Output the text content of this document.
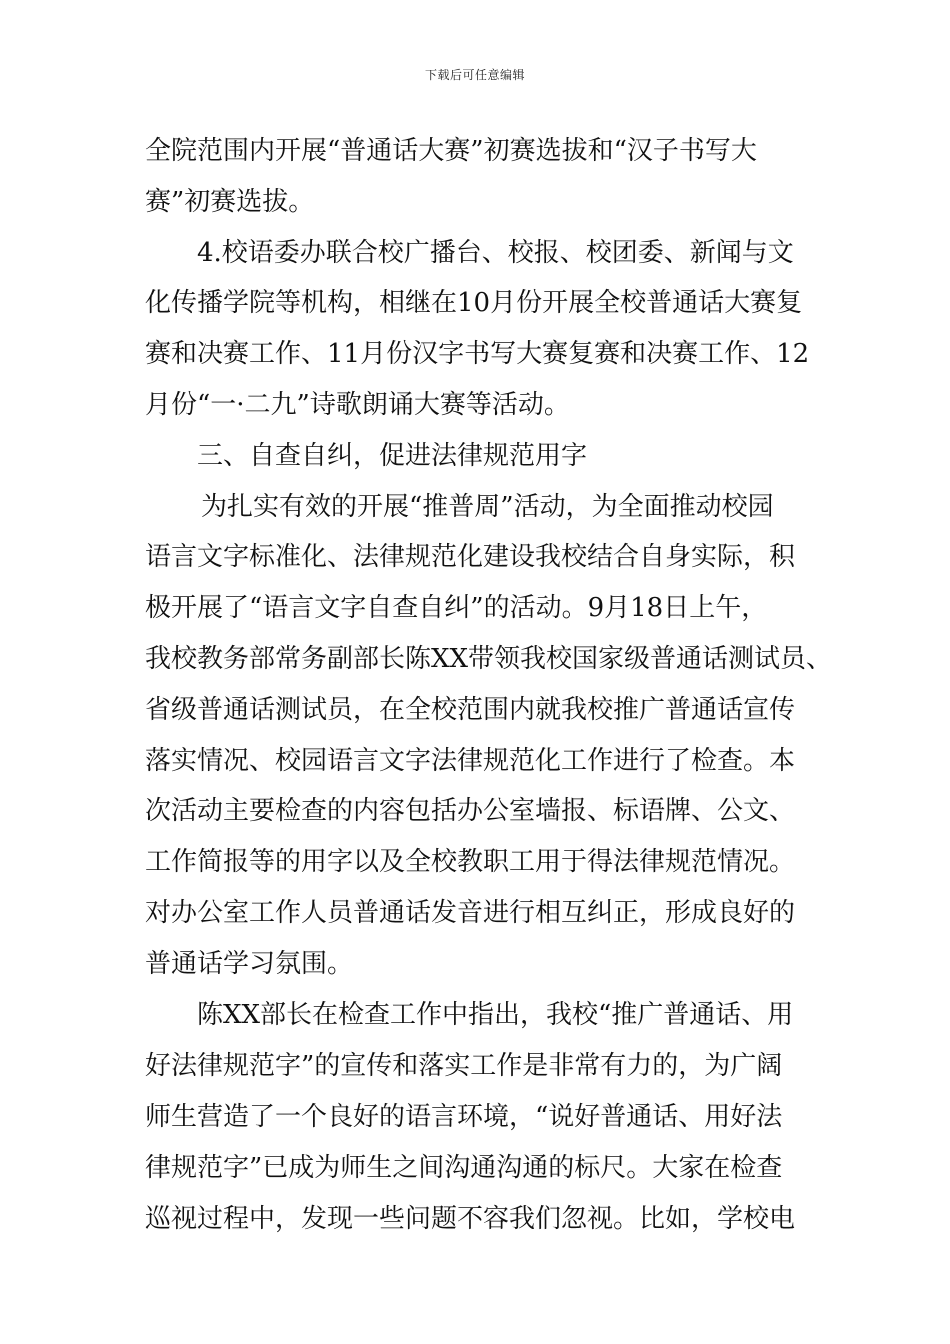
下载后可任意编辑

全院范围内开展“普通话大赛”初赛选拔和“汉子书写大
赛”初赛选拔。

4.校语委办联合校广播台、校报、校团委、新闻与文
化传播学院等机构，相继在10月份开展全校普通话大赛复
赛和决赛工作、11月份汉字书写大赛复赛和决赛工作、12
月份“一·二九”诗歌朗诵大赛等活动。

三、自查自纠，促进法律规范用字

为扎实有效的开展“推普周”活动，为全面推动校园
语言文字标准化、法律规范化建设我校结合自身实际，积
极开展了“语言文字自查自纠”的活动。9月18日上午，
我校教务部常务副部长陈XX带领我校国家级普通话测试员、
省级普通话测试员，在全校范围内就我校推广普通话宣传
落实情况、校园语言文字法律规范化工作进行了检查。本
次活动主要检查的内容包括办公室墙报、标语牌、公文、
工作简报等的用字以及全校教职工用于得法律规范情况。
对办公室工作人员普通话发音进行相互纠正，形成良好的
普通话学习氛围。

陈XX部长在检查工作中指出，我校“推广普通话、用
好法律规范字”的宣传和落实工作是非常有力的，为广阔
师生营造了一个良好的语言环境，“说好普通话、用好法
律规范字”已成为师生之间沟通沟通的标尺。大家在检查
巡视过程中，发现一些问题不容我们忽视。比如，学校电
